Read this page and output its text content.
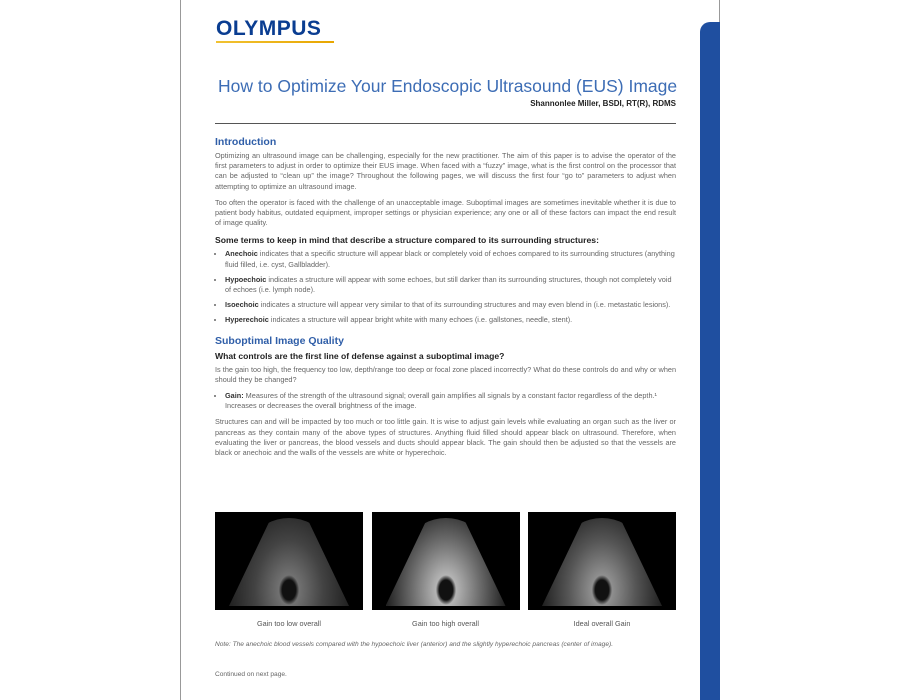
OLYMPUS
How to Optimize Your Endoscopic Ultrasound (EUS) Image
Shannonlee Miller, BSDI, RT(R), RDMS
Introduction

Optimizing an ultrasound image can be challenging, especially for the new practitioner. The aim of this paper is to advise the operator of the first parameters to adjust in order to optimize their EUS image. When faced with a “fuzzy” image, what is the first control on the processor that can be adjusted to “clean up” the image? Throughout the following pages, we will discuss the first four “go to” parameters to adjust when attempting to optimize an ultrasound image.

Too often the operator is faced with the challenge of an unacceptable image. Suboptimal images are sometimes inevitable whether it is due to patient body habitus, outdated equipment, improper settings or physician experience; any one or all of these factors can impact the end result of image quality.

Some terms to keep in mind that describe a structure compared to its surrounding structures:
• Anechoic indicates that a specific structure will appear black or completely void of echoes compared to its surrounding structures (anything fluid filled, i.e. cyst, Gallbladder).
• Hypoechoic indicates a structure will appear with some echoes, but still darker than its surrounding structures, though not completely void of echoes (i.e. lymph node).
• Isoechoic indicates a structure will appear very similar to that of its surrounding structures and may even blend in (i.e. metastatic lesions).
• Hyperechoic indicates a structure will appear bright white with many echoes (i.e. gallstones, needle, stent).
Suboptimal Image Quality
What controls are the first line of defense against a suboptimal image?

Is the gain too high, the frequency too low, depth/range too deep or focal zone placed incorrectly? What do these controls do and why or when should they be changed?

• Gain: Measures of the strength of the ultrasound signal; overall gain amplifies all signals by a constant factor regardless of the depth.¹ Increases or decreases the overall brightness of the image.

Structures can and will be impacted by too much or too little gain. It is wise to adjust gain levels while evaluating an organ such as the liver or pancreas as they contain many of the above types of structures. Anything fluid filled should appear black on ultrasound. Therefore, when evaluating the liver or pancreas, the blood vessels and ducts should appear black. The gain should then be adjusted so that the vessels are black or anechoic and the walls of the vessels are white or hyperechoic.

Gain too low overall	Gain too high overall	Ideal overall Gain
Note: The anechoic blood vessels compared with the hypoechoic liver (anterior) and the slightly hyperechoic pancreas (center of image).
Continued on next page.
